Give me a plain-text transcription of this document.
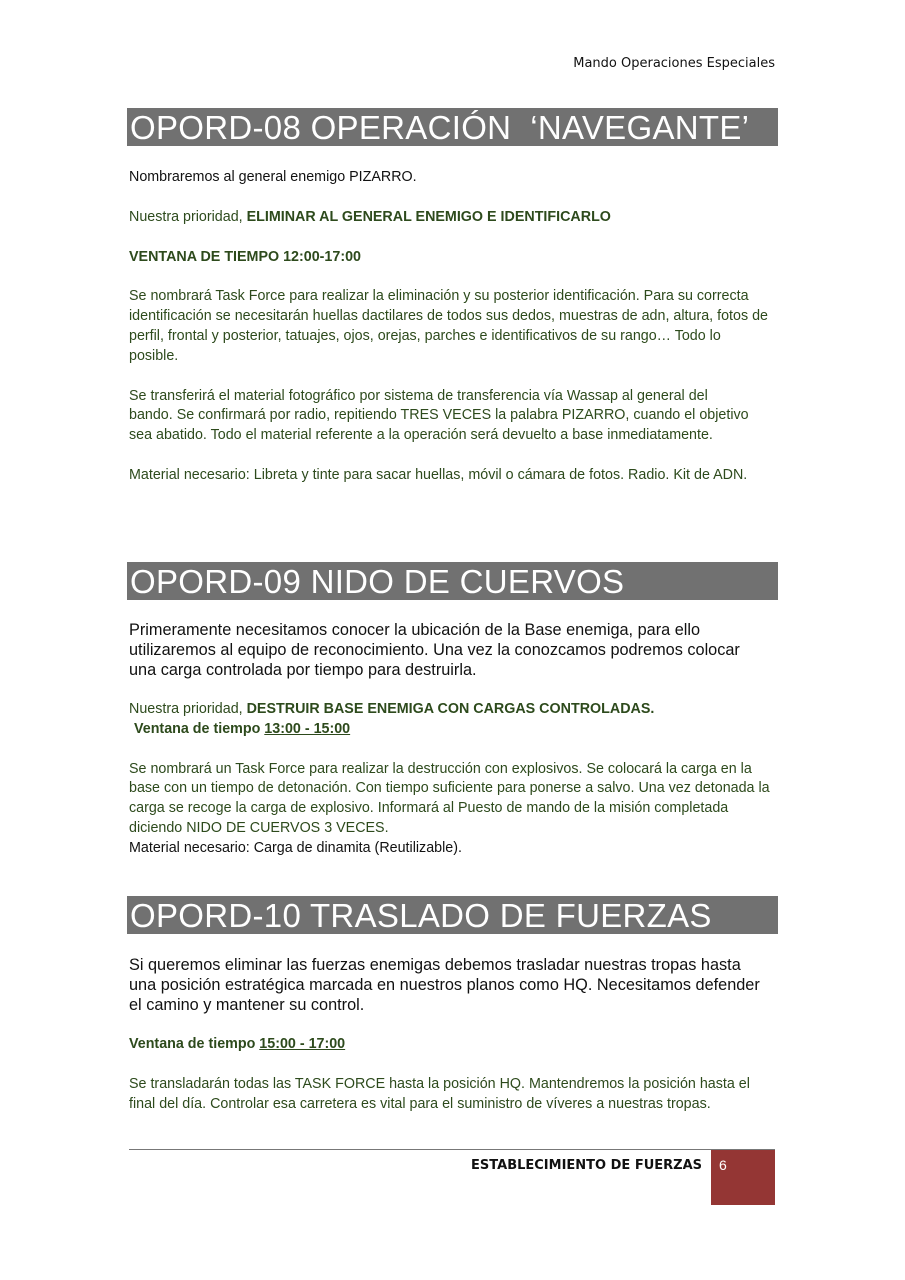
Mando Operaciones Especiales
OPORD-08 OPERACIÓN  ‘NAVEGANTE’

Nombraremos al general enemigo PIZARRO.

Nuestra prioridad, ELIMINAR AL GENERAL ENEMIGO E IDENTIFICARLO

VENTANA DE TIEMPO 12:00-17:00

Se nombrará Task Force para realizar la eliminación y su posterior identificación. Para su correcta identificación se necesitarán huellas dactilares de todos sus dedos, muestras de adn, altura, fotos de perfil, frontal y posterior, tatuajes, ojos, orejas, parches e identificativos de su rango… Todo lo posible.

Se transferirá el material fotográfico por sistema de transferencia vía Wassap al general del bando. Se confirmará por radio, repitiendo TRES VECES la palabra PIZARRO, cuando el objetivo sea abatido. Todo el material referente a la operación será devuelto a base inmediatamente.

Material necesario: Libreta y tinte para sacar huellas, móvil o cámara de fotos. Radio. Kit de ADN.

OPORD-09 NIDO DE CUERVOS

Primeramente necesitamos conocer la ubicación de la Base enemiga, para ello utilizaremos al equipo de reconocimiento. Una vez la conozcamos podremos colocar una carga controlada por tiempo para destruirla.

Nuestra prioridad, DESTRUIR BASE ENEMIGA CON CARGAS CONTROLADAS.

Ventana de tiempo 13:00 - 15:00

Se nombrará un Task Force para realizar la destrucción con explosivos. Se colocará la carga en la base con un tiempo de detonación. Con tiempo suficiente para ponerse a salvo. Una vez detonada la carga se recoge la carga de explosivo. Informará al Puesto de mando de la misión completada diciendo NIDO DE CUERVOS 3 VECES.

Material necesario: Carga de dinamita (Reutilizable).

OPORD-10 TRASLADO DE FUERZAS

Si queremos eliminar las fuerzas enemigas debemos trasladar nuestras tropas hasta una posición estratégica marcada en nuestros planos como HQ. Necesitamos defender el camino y mantener su control.

Ventana de tiempo 15:00 - 17:00

Se transladarán todas las TASK FORCE hasta la posición HQ. Mantendremos la posición hasta el final del día. Controlar esa carretera es vital para el suministro de víveres a nuestras tropas.

ESTABLECIMIENTO DE FUERZAS 6
